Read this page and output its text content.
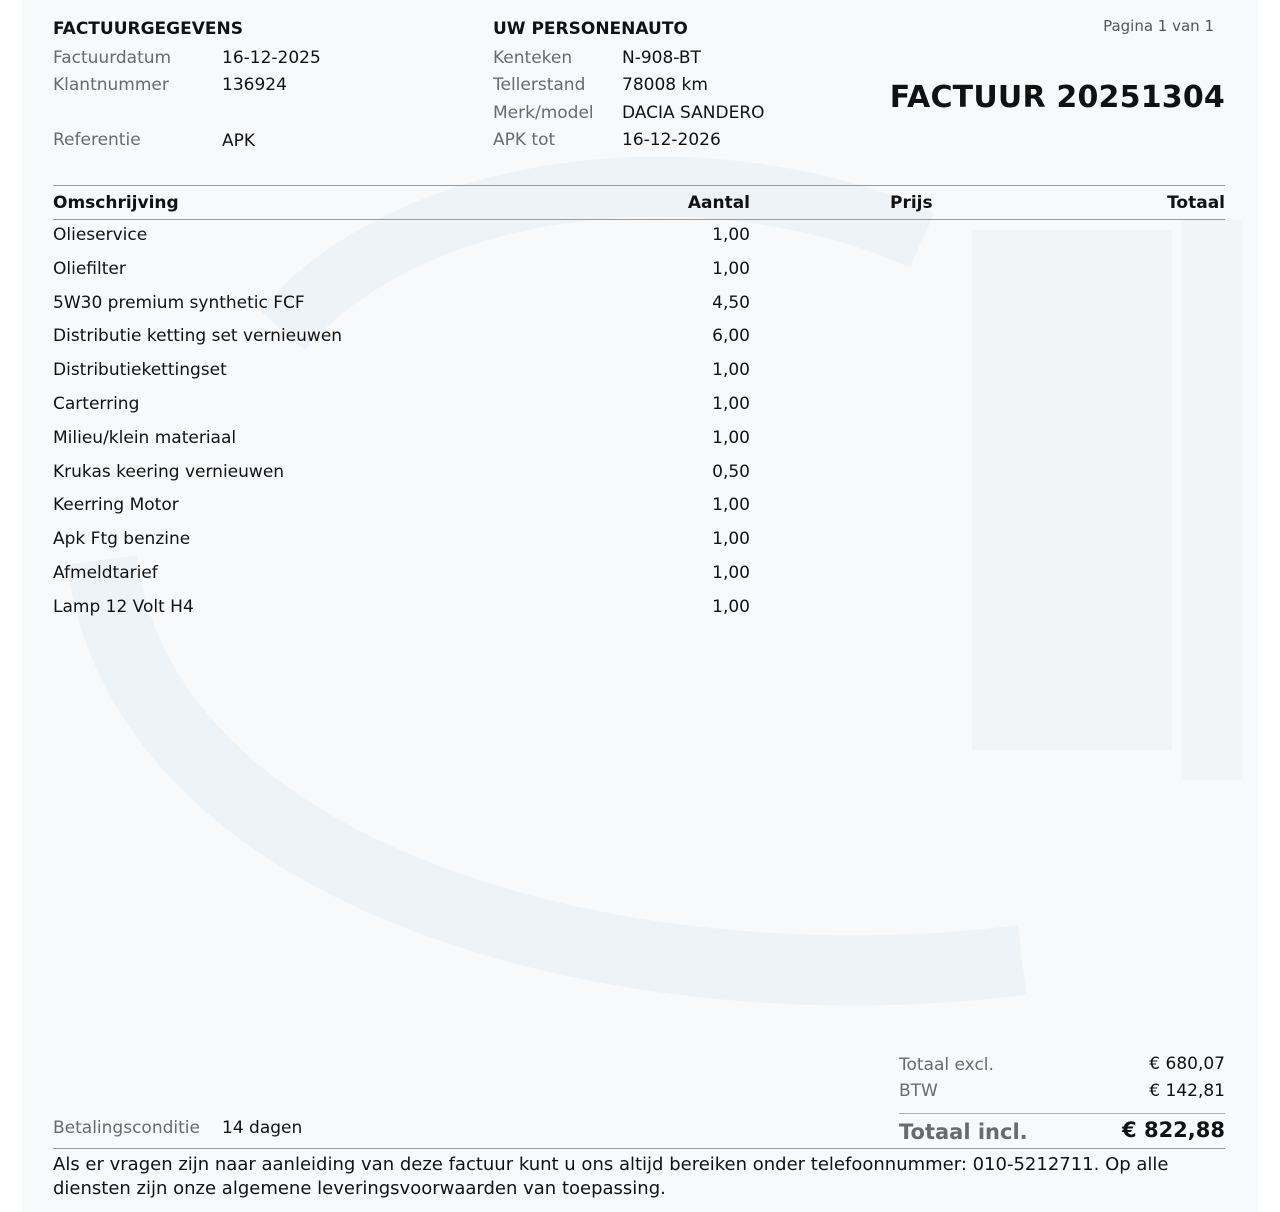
FACTUURGEGEVENS
Factuurdatum	16-12-2025
Klantnummer	136924
Referentie	APK
UW PERSONENAUTO
Kenteken	N-908-BT
Tellerstand 78008 km
Merk/model DACIA SANDERO
APK tot	16-12-2026
Pagina 1 van 1
FACTUUR 20251304
Omschrijving	Aantal	Prijs	Totaal
Olieservice	1,00
Oliefilter	1,00
5W30 premium synthetic FCF	4,50
Distributie ketting set vernieuwen	6,00
Distributiekettingset	1,00
Carterring	1,00
Milieu/klein materiaal	1,00
Krukas keering vernieuwen	0,50
Keerring Motor	1,00
Apk Ftg benzine	1,00
Afmeldtarief	1,00
Lamp 12 Volt H4	1,00
Totaal excl.	€ 680,07
BTW	€ 142,81
Totaal incl.	€ 822,88
Betalingsconditie 14 dagen
Als er vragen zijn naar aanleiding van deze factuur kunt u ons altijd bereiken onder telefoonnummer: 010-5212711. Op alle diensten zijn onze algemene leveringsvoorwaarden van toepassing.
